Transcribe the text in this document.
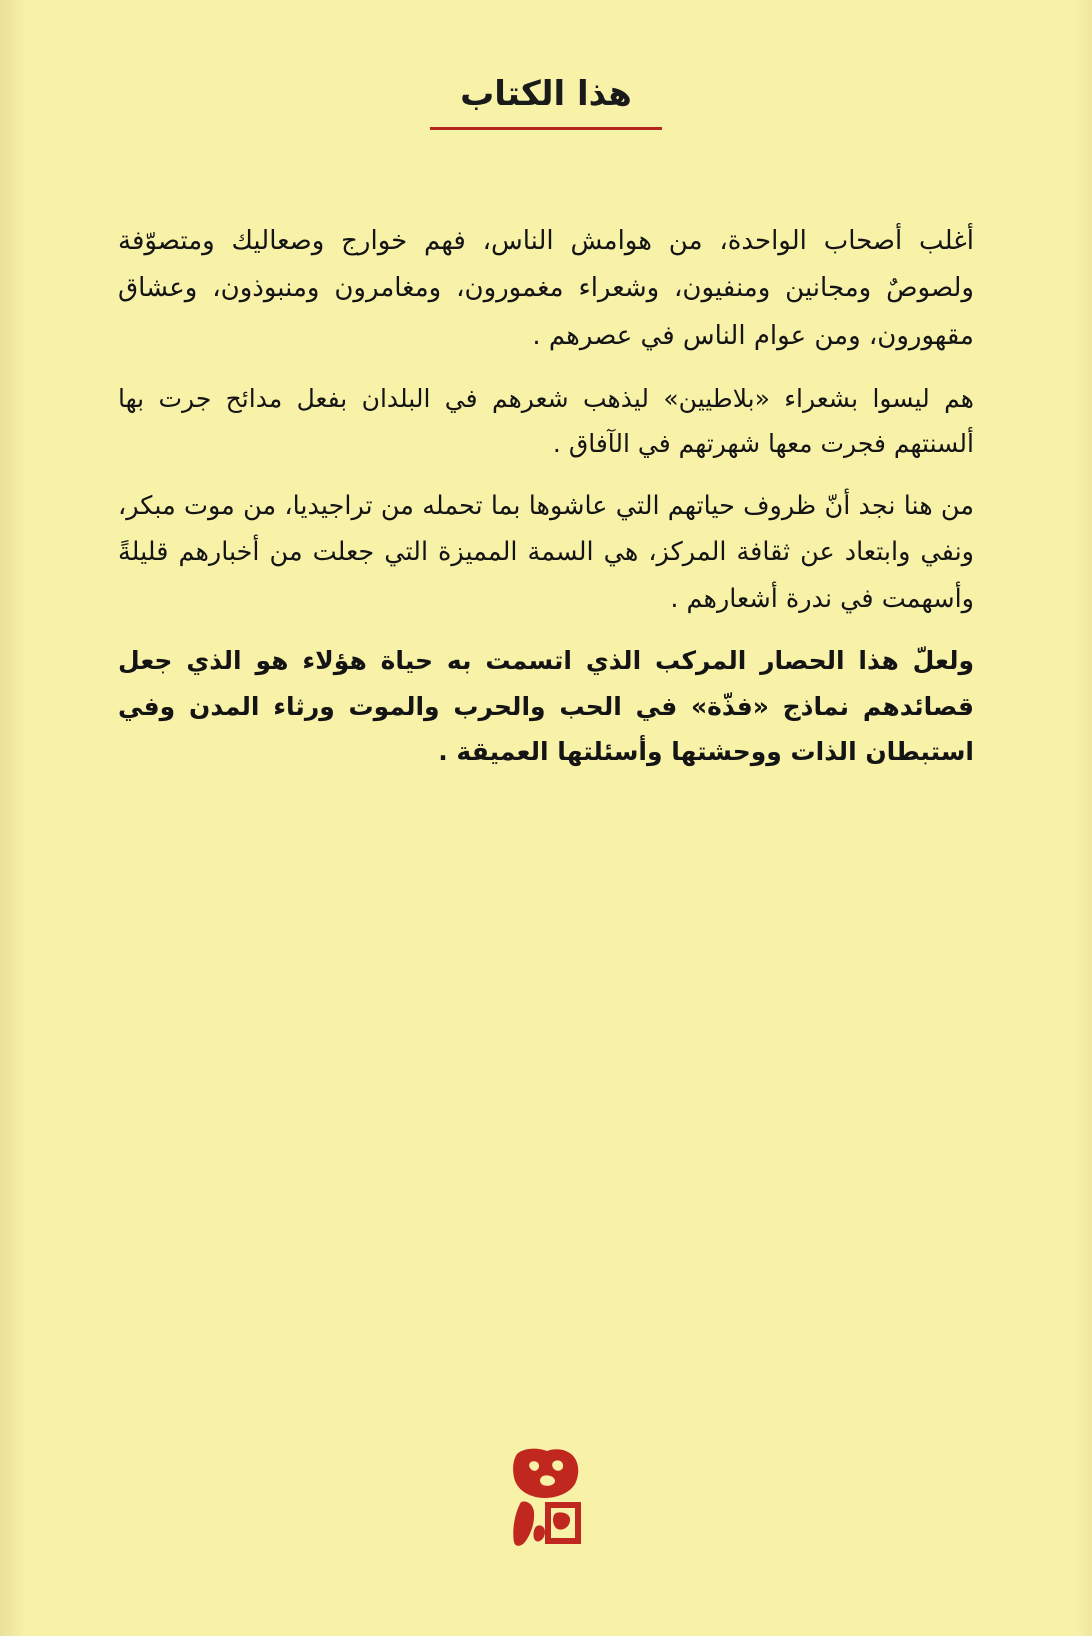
هذا الكتاب

أغلب أصحاب الواحدة، من هوامش الناس، فهم خوارج وصعاليك ومتصوّفة ولصوصٌ ومجانين ومنفيون، وشعراء مغمورون، ومغامرون ومنبوذون، وعشاق مقهورون، ومن عوام الناس في عصرهم .

هم ليسوا بشعراء «بلاطيين» ليذهب شعرهم في البلدان بفعل مدائح جرت بها ألسنتهم فجرت معها شهرتهم في الآفاق .

من هنا نجد أنّ ظروف حياتهم التي عاشوها بما تحمله من تراجيديا، من موت مبكر، ونفي وابتعاد عن ثقافة المركز، هي السمة المميزة التي جعلت من أخبارهم قليلةً وأسهمت في ندرة أشعارهم .

ولعلّ هذا الحصار المركب الذي اتسمت به حياة هؤلاء هو الذي جعل قصائدهم نماذج «فذّة» في الحب والحرب والموت ورثاء المدن وفي استبطان الذات ووحشتها وأسئلتها العميقة .
